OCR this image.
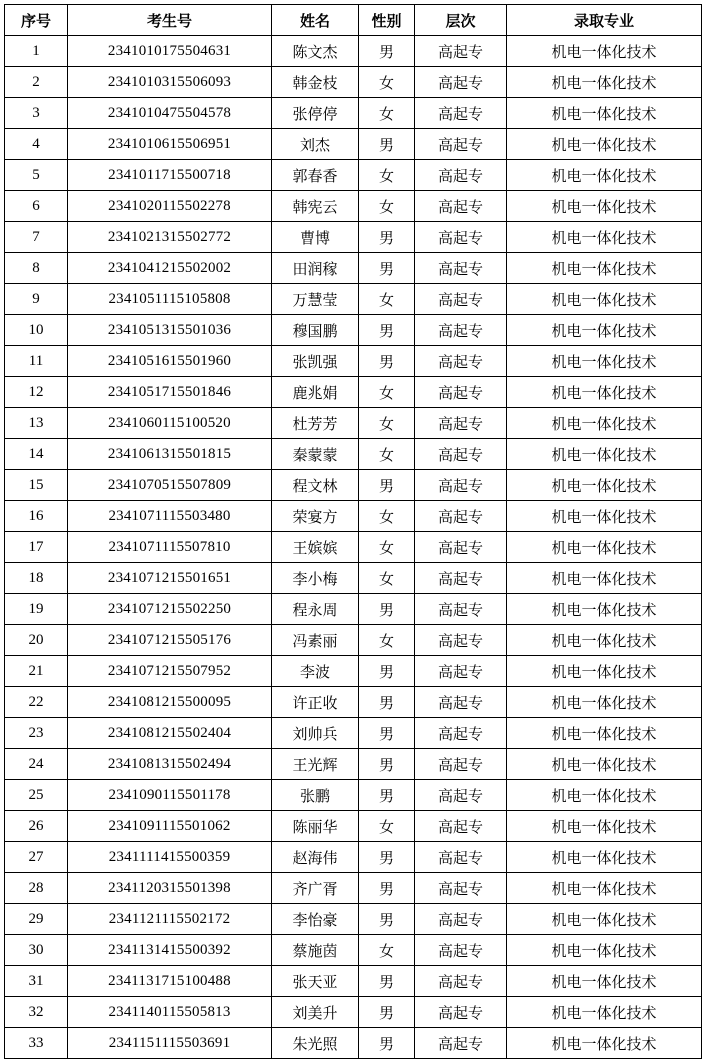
序号	考生号	姓名	性别	层次	录取专业
1	2341010175504631	陈文杰	男	高起专	机电一体化技术
2	2341010315506093	韩金枝	女	高起专	机电一体化技术
3	2341010475504578	张停停	女	高起专	机电一体化技术
4	2341010615506951	刘杰	男	高起专	机电一体化技术
5	2341011715500718	郭春香	女	高起专	机电一体化技术
6	2341020115502278	韩宪云	女	高起专	机电一体化技术
7	2341021315502772	曹博	男	高起专	机电一体化技术
8	2341041215502002	田润稼	男	高起专	机电一体化技术
9	2341051115105808	万慧莹	女	高起专	机电一体化技术
10	2341051315501036	穆国鹏	男	高起专	机电一体化技术
11	2341051615501960	张凯强	男	高起专	机电一体化技术
12	2341051715501846	鹿兆娟	女	高起专	机电一体化技术
13	2341060115100520	杜芳芳	女	高起专	机电一体化技术
14	2341061315501815	秦蒙蒙	女	高起专	机电一体化技术
15	2341070515507809	程文林	男	高起专	机电一体化技术
16	2341071115503480	荣宴方	女	高起专	机电一体化技术
17	2341071115507810	王嫔嫔	女	高起专	机电一体化技术
18	2341071215501651	李小梅	女	高起专	机电一体化技术
19	2341071215502250	程永周	男	高起专	机电一体化技术
20	2341071215505176	冯素丽	女	高起专	机电一体化技术
21	2341071215507952	李波	男	高起专	机电一体化技术
22	2341081215500095	许正收	男	高起专	机电一体化技术
23	2341081215502404	刘帅兵	男	高起专	机电一体化技术
24	2341081315502494	王光辉	男	高起专	机电一体化技术
25	2341090115501178	张鹏	男	高起专	机电一体化技术
26	2341091115501062	陈丽华	女	高起专	机电一体化技术
27	2341111415500359	赵海伟	男	高起专	机电一体化技术
28	2341120315501398	齐广胥	男	高起专	机电一体化技术
29	2341121115502172	李怡豪	男	高起专	机电一体化技术
30	2341131415500392	蔡施茵	女	高起专	机电一体化技术
31	2341131715100488	张天亚	男	高起专	机电一体化技术
32	2341140115505813	刘美升	男	高起专	机电一体化技术
33	2341151115503691	朱光照	男	高起专	机电一体化技术
